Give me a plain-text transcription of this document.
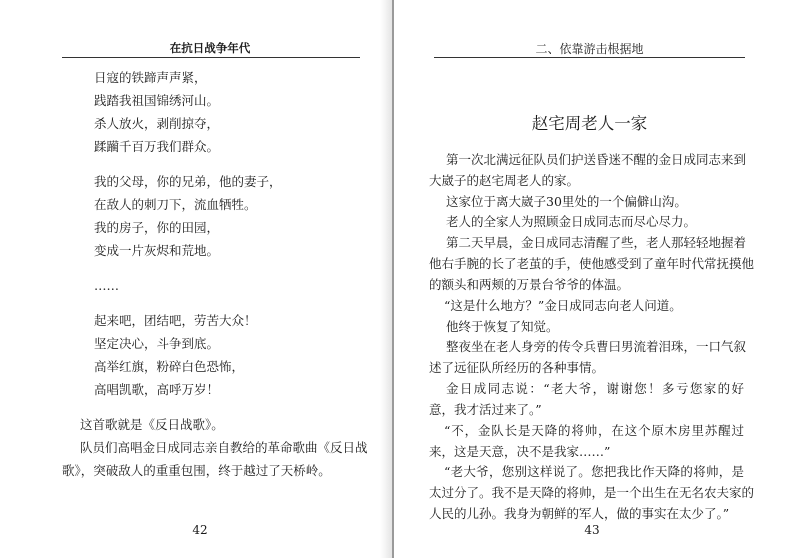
在抗日战争年代
日寇的铁蹄声声紧，
践踏我祖国锦绣河山。
杀人放火，剥削掠夺，
蹂躏千百万我们群众。
我的父母，你的兄弟，他的妻子，
在敌人的刺刀下，流血牺牲。
我的房子，你的田园，
变成一片灰烬和荒地。
……
起来吧，团结吧，劳苦大众！
坚定决心，斗争到底。
高举红旗，粉碎白色恐怖，
高唱凯歌，高呼万岁！
这首歌就是《反日战歌》。
队员们高唱金日成同志亲自教给的革命歌曲《反日战
歌》，突破敌人的重重包围，终于越过了天桥岭。
42
二、依靠游击根据地
赵宅周老人一家
第一次北满远征队员们护送昏迷不醒的金日成同志来到
大崴子的赵宅周老人的家。
这家位于离大崴子30里处的一个偏僻山沟。
老人的全家人为照顾金日成同志而尽心尽力。
第二天早晨，金日成同志清醒了些，老人那轻轻地握着
他右手腕的长了老茧的手，使他感受到了童年时代常抚摸他
的额头和两颊的万景台爷爷的体温。
“这是什么地方？”金日成同志向老人问道。
他终于恢复了知觉。
整夜坐在老人身旁的传令兵曹曰男流着泪珠，一口气叙
述了远征队所经历的各种事情。
金日成同志说：“老大爷，谢谢您！多亏您家的好
意，我才活过来了。”
“不，金队长是天降的将帅，在这个原木房里苏醒过
来，这是天意，决不是我家……”
“老大爷，您别这样说了。您把我比作天降的将帅，是
太过分了。我不是天降的将帅，是一个出生在无名农夫家的
人民的儿孙。我身为朝鲜的军人，做的事实在太少了。”
43
